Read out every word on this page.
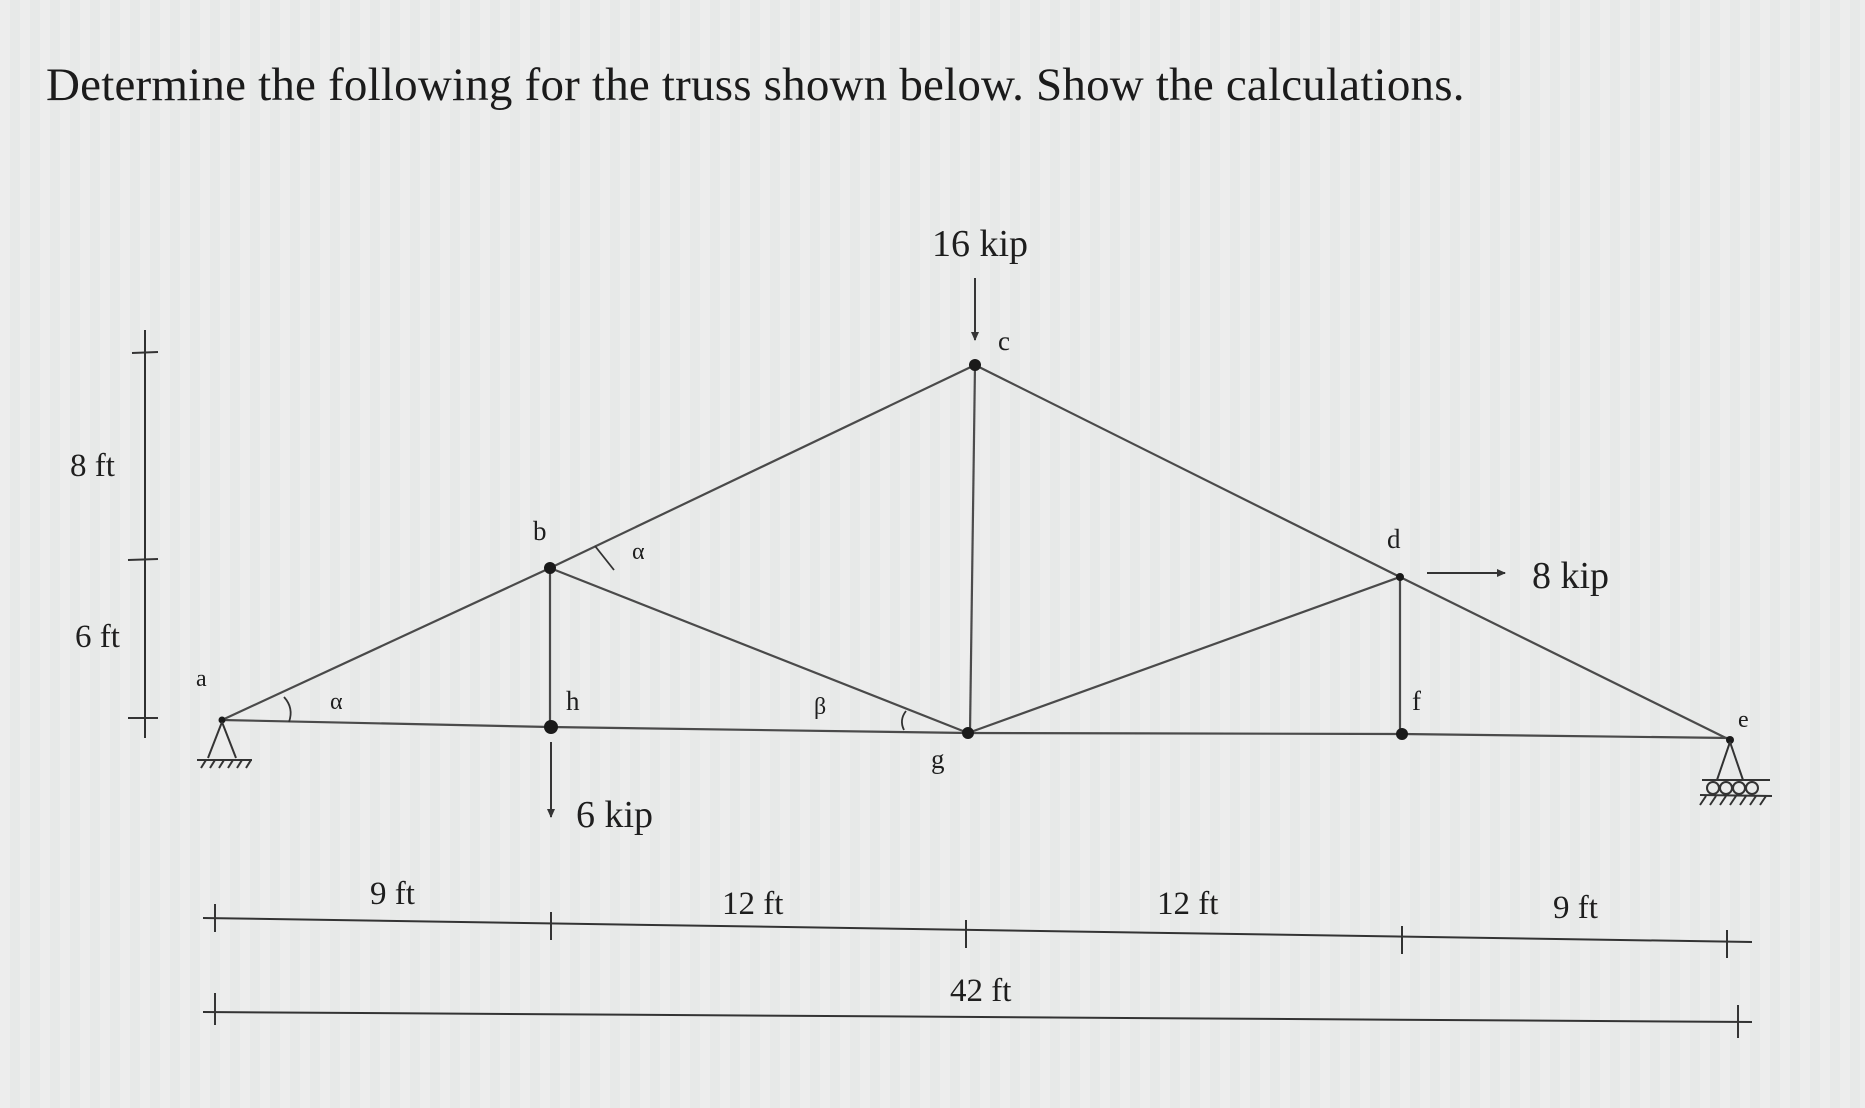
Determine the following for the truss shown below. Show the calculations.
a
b
c
d
h
g
f
e
α
α
β
16 kip
8 kip
6 kip
8 ft
6 ft
9 ft	12 ft	12 ft	9 ft
42 ft
